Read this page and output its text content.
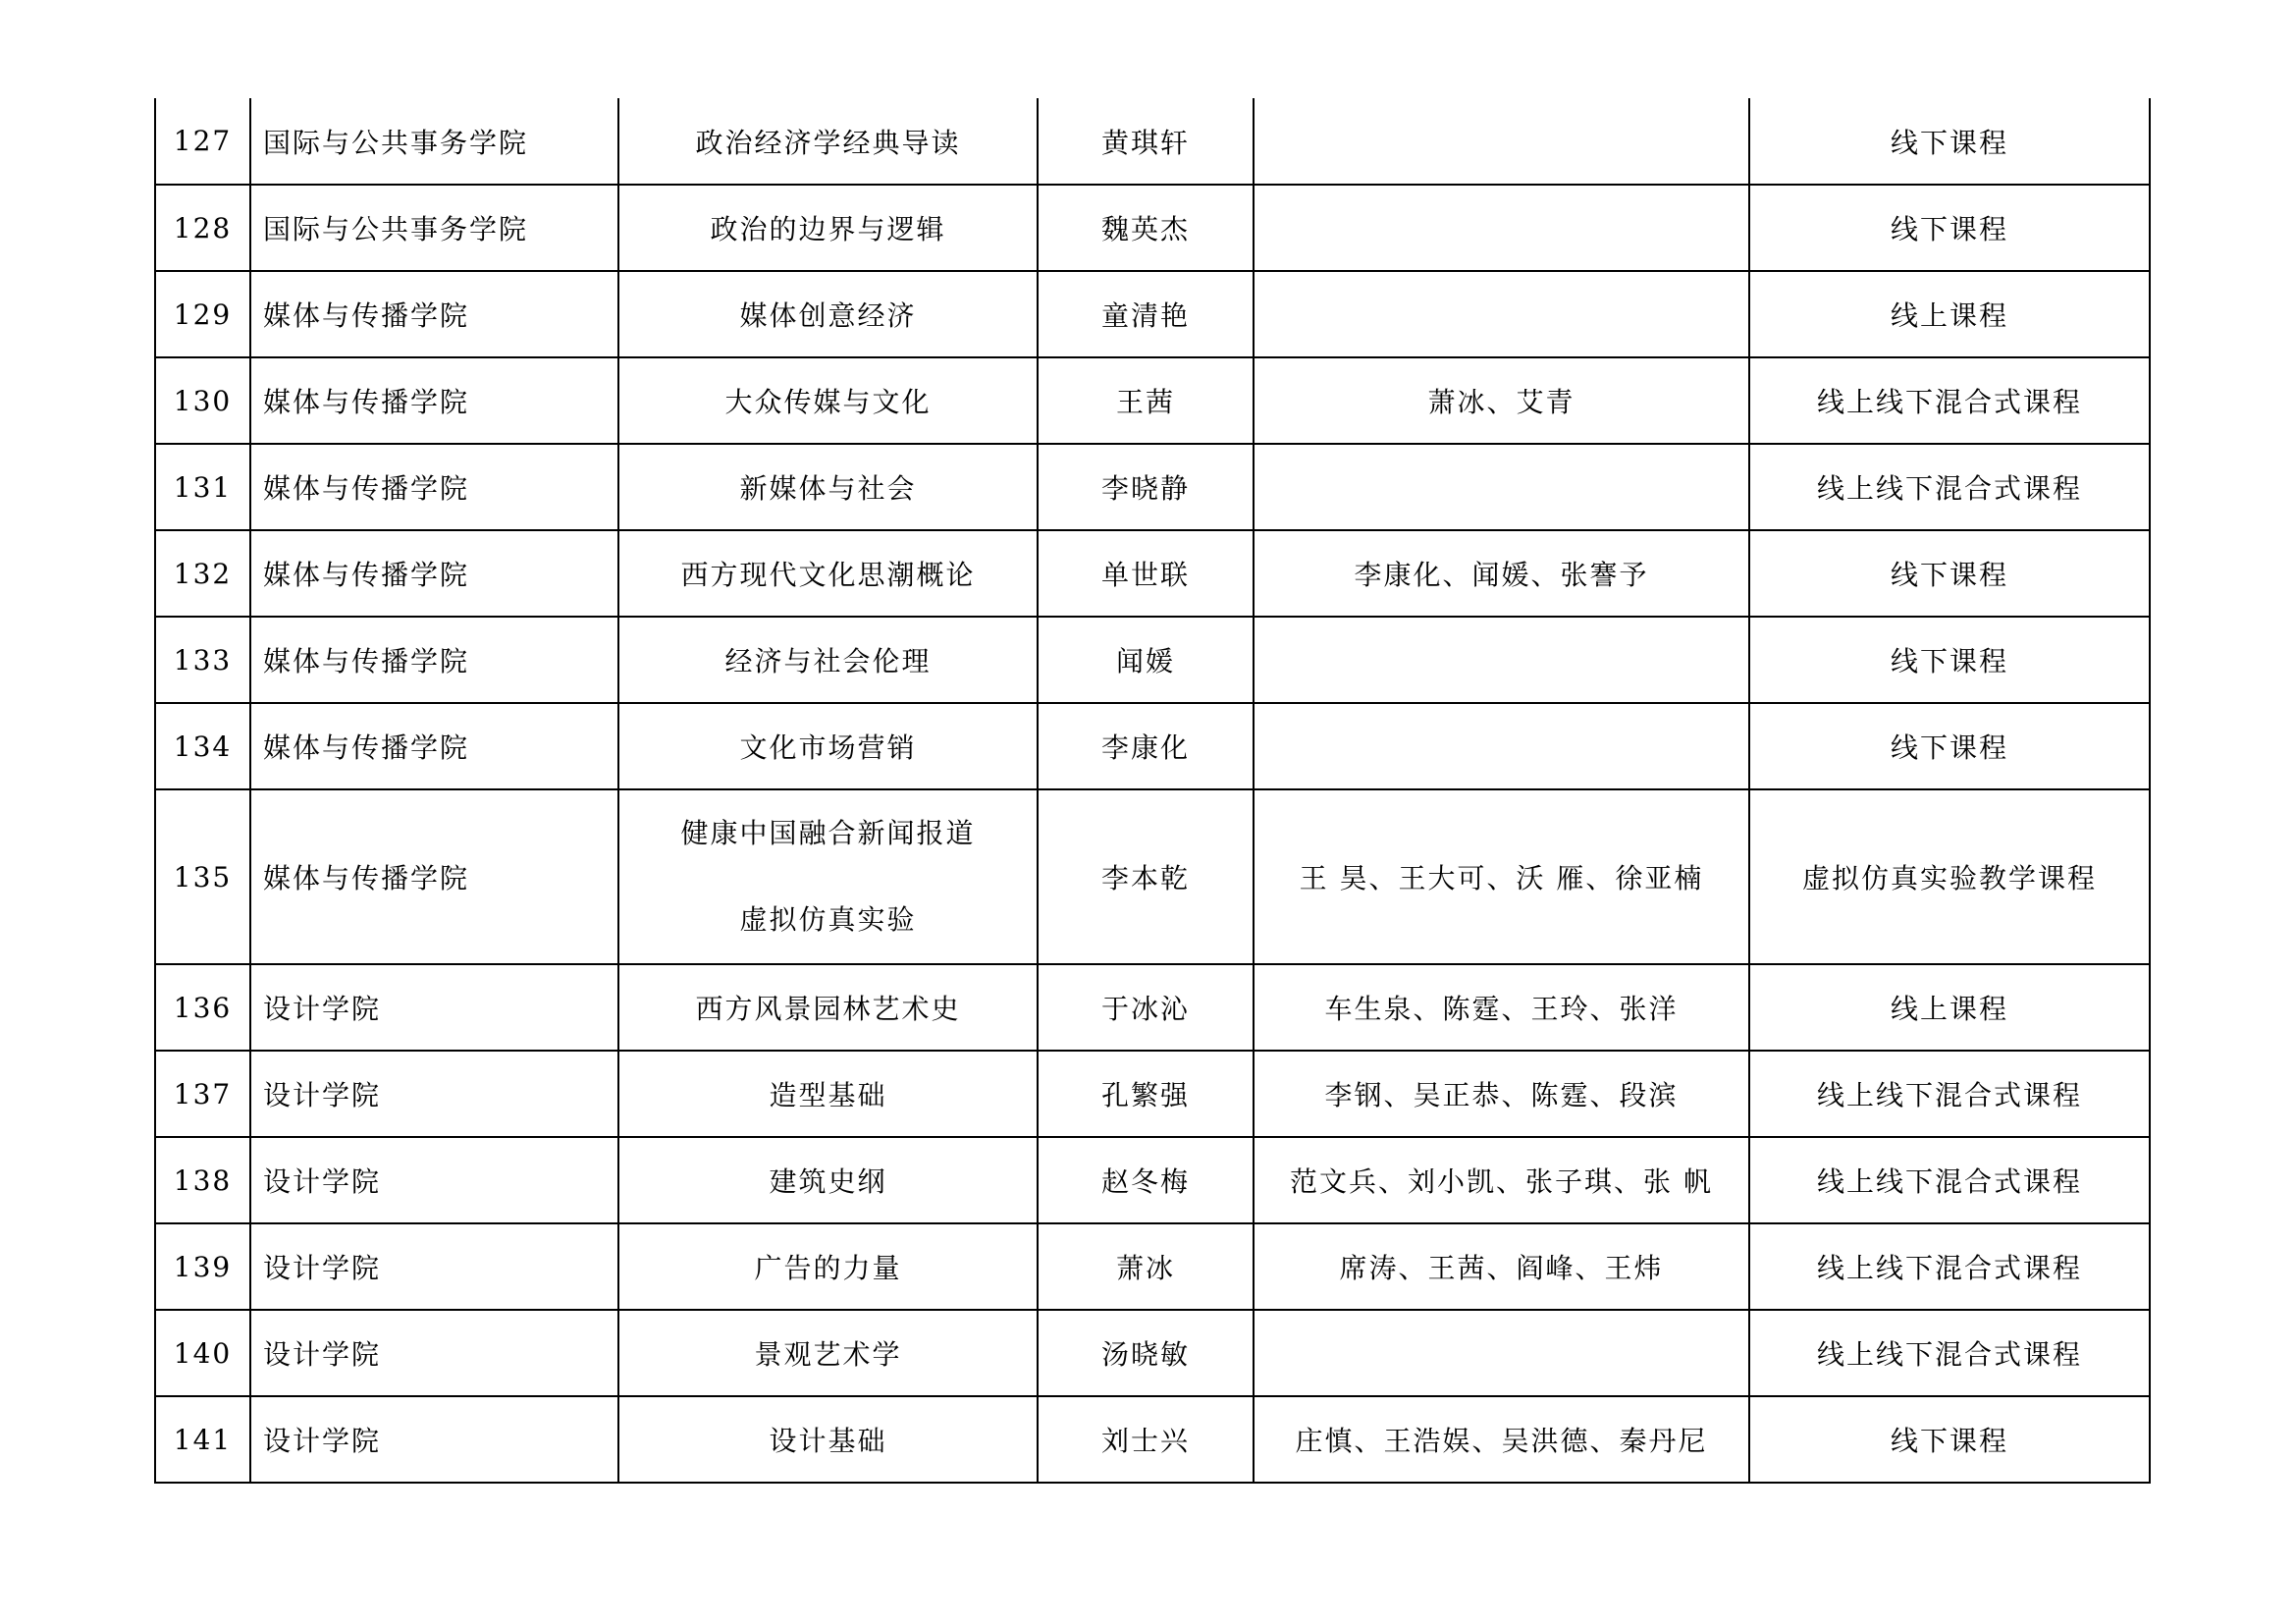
127	国际与公共事务学院	政治经济学经典导读	黄琪轩		线下课程
128	国际与公共事务学院	政治的边界与逻辑	魏英杰		线下课程
129	媒体与传播学院	媒体创意经济	童清艳		线上课程
130	媒体与传播学院	大众传媒与文化	王茜	萧冰、艾青	线上线下混合式课程
131	媒体与传播学院	新媒体与社会	李晓静		线上线下混合式课程
132	媒体与传播学院	西方现代文化思潮概论	单世联	李康化、闻媛、张謇予	线下课程
133	媒体与传播学院	经济与社会伦理	闻媛		线下课程
134	媒体与传播学院	文化市场营销	李康化		线下课程
135	媒体与传播学院	健康中国融合新闻报道
虚拟仿真实验	李本乾	王 昊、王大可、沃 雁、徐亚楠	虚拟仿真实验教学课程
136	设计学院	西方风景园林艺术史	于冰沁	车生泉、陈霆、王玲、张洋	线上课程
137	设计学院	造型基础	孔繁强	李钢、吴正恭、陈霆、段滨	线上线下混合式课程
138	设计学院	建筑史纲	赵冬梅	范文兵、刘小凯、张子琪、张 帆	线上线下混合式课程
139	设计学院	广告的力量	萧冰	席涛、王茜、阎峰、王炜	线上线下混合式课程
140	设计学院	景观艺术学	汤晓敏		线上线下混合式课程
141	设计学院	设计基础	刘士兴	庄慎、王浩娱、吴洪德、秦丹尼	线下课程
